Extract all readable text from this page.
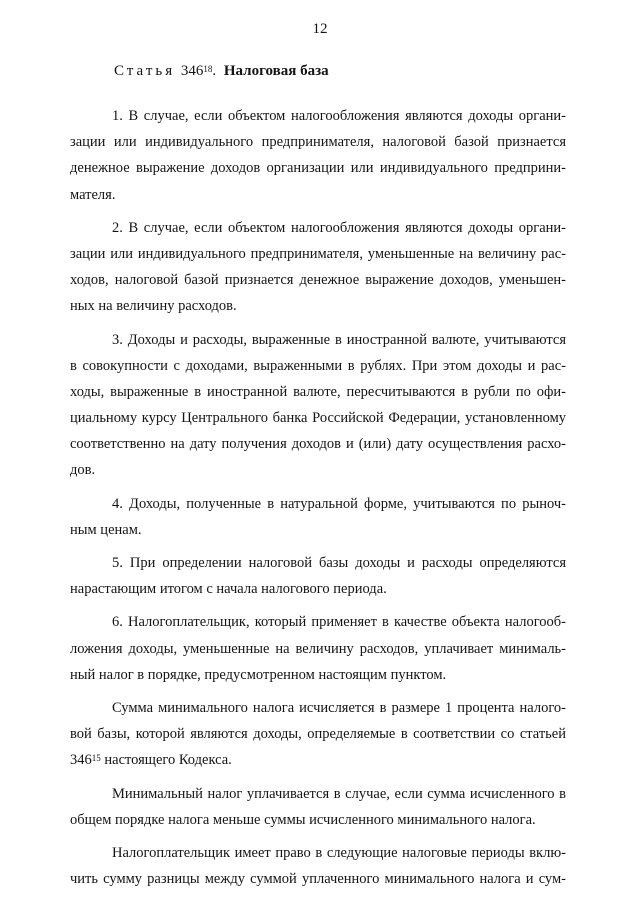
12
Статья $346^{18}$. Налоговая база
1. В случае, если объектом налогообложения являются доходы органи-
зации или индивидуального предпринимателя, налоговой базой признается
денежное выражение доходов организации или индивидуального предприни-
мателя.
2. В случае, если объектом налогообложения являются доходы органи-
зации или индивидуального предпринимателя, уменьшенные на величину рас-
ходов, налоговой базой признается денежное выражение доходов, уменьшен-
ных на величину расходов.
3. Доходы и расходы, выраженные в иностранной валюте, учитываются
в совокупности с доходами, выраженными в рублях. При этом доходы и рас-
ходы, выраженные в иностранной валюте, пересчитываются в рубли по офи-
циальному курсу Центрального банка Российской Федерации, установленному
соответственно на дату получения доходов и (или) дату осуществления расхо-
дов.
4. Доходы, полученные в натуральной форме, учитываются по рыноч-
ным ценам.
5. При определении налоговой базы доходы и расходы определяются
нарастающим итогом с начала налогового периода.
6. Налогоплательщик, который применяет в качестве объекта налогооб-
ложения доходы, уменьшенные на величину расходов, уплачивает минималь-
ный налог в порядке, предусмотренном настоящим пунктом.
Сумма минимального налога исчисляется в размере 1 процента налого-
вой базы, которой являются доходы, определяемые в соответствии со статьей
$346^{15}$ настоящего Кодекса.
Минимальный налог уплачивается в случае, если сумма исчисленного в
общем порядке налога меньше суммы исчисленного минимального налога.
Налогоплательщик имеет право в следующие налоговые периоды вклю-
чить сумму разницы между суммой уплаченного минимального налога и сум-
